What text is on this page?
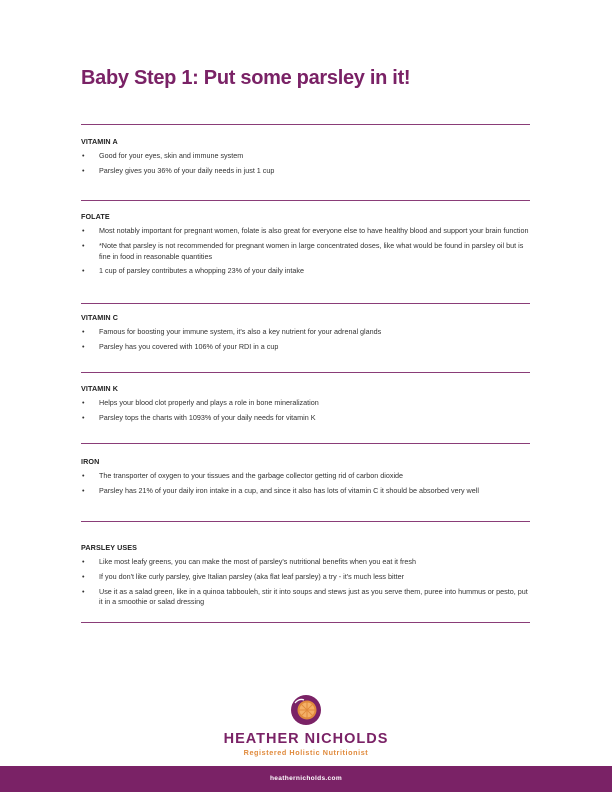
Baby Step 1: Put some parsley in it!
VITAMIN A
• Good for your eyes, skin and immune system
• Parsley gives you 36% of your daily needs in just 1 cup
FOLATE
• Most notably important for pregnant women, folate is also great for everyone else to have healthy blood and support your brain function
• *Note that parsley is not recommended for pregnant women in large concentrated doses, like what would be found in parsley oil but is fine in food in reasonable quantities
• 1 cup of parsley contributes a whopping 23% of your daily intake
VITAMIN C
• Famous for boosting your immune system, it's also a key nutrient for your adrenal glands
• Parsley has you covered with 106% of your RDI in a cup
VITAMIN K
• Helps your blood clot properly and plays a role in bone mineralization
• Parsley tops the charts with 1093% of your daily needs for vitamin K
IRON
• The transporter of oxygen to your tissues and the garbage collector getting rid of carbon dioxide
• Parsley has 21% of your daily iron intake in a cup, and since it also has lots of vitamin C it should be absorbed very well
PARSLEY USES
• Like most leafy greens, you can make the most of parsley's nutritional benefits when you eat it fresh
• If you don't like curly parsley, give Italian parsley (aka flat leaf parsley) a try - it's much less bitter
• Use it as a salad green, like in a quinoa tabbouleh, stir it into soups and stews just as you serve them, puree into hummus or pesto, put it in a smoothie or salad dressing
HEATHER NICHOLDS
Registered Holistic Nutritionist
heathernicholds.com
